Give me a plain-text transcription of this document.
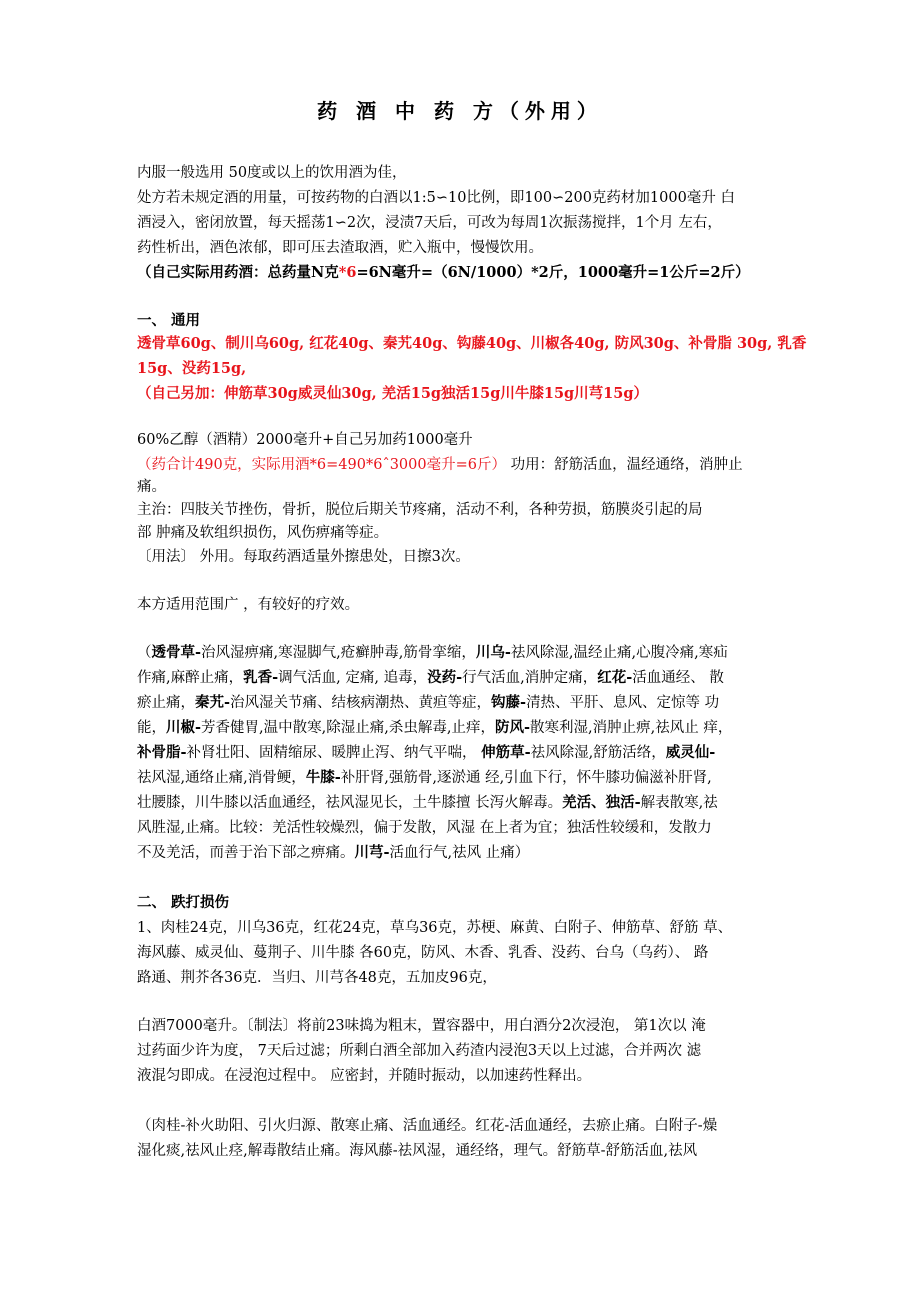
药 酒 中 药 方（外用）
内服一般选用 50度或以上的饮用酒为佳，
处方若未规定酒的用量，可按药物的白酒以1:5∽10比例，即100∽200克药材加1000毫升 白
酒浸入，密闭放置，每天摇荡1∽2次，浸渍7天后，可改为每周1次振荡搅拌，1个月 左右，
药性析出，酒色浓郁，即可压去渣取酒，贮入瓶中，慢慢饮用。
（自己实际用药酒：总药量N克*6=6N毫升=（6N/1000）*2斤，1000毫升=1公斤=2斤）
一、 通用
透骨草60g、制川乌60g, 红花40g、秦艽40g、钩藤40g、川椒各40g, 防风30g、补骨脂 30g, 乳香
15g、没药15g,
（自己另加：伸筋草30g威灵仙30g, 羌活15g独活15g川牛膝15g川芎15g）
60%乙醇（酒精）2000毫升+自己另加药1000毫升
（药合计490克，实际用酒*6=490*6ˆ3000毫升=6斤） 功用：舒筋活血，温经通络，消肿止
痛。
主治：四肢关节挫伤，骨折，脱位后期关节疼痛，活动不利，各种劳损，筋膜炎引起的局
部 肿痛及软组织损伤，风伤痹痛等症。
〔用法〕 外用。每取药酒适量外擦患处，日擦3次。
本方适用范围广 ，有较好的疗效。
（透骨草-治风湿痹痛,寒湿脚气,疮癣肿毒,筋骨挛缩，川乌-祛风除湿,温经止痛,心腹冷痛,寒疝
作痛,麻醉止痛，乳香-调气活血, 定痛, 追毒，没药-行气活血,消肿定痛，红花-活血通经、 散
瘀止痛，秦艽-治风湿关节痛、结核病潮热、黄疸等症，钩藤-清热、平肝、息风、定惊等 功
能，川椒-芳香健胃,温中散寒,除湿止痛,杀虫解毒,止痒，防风-散寒利湿,消肿止痹,祛风止 痒，
补骨脂-补肾壮阳、固精缩尿、暖脾止泻、纳气平喘， 伸筋草-祛风除湿,舒筋活络，威灵仙-
祛风湿,通络止痛,消骨鲠，牛膝-补肝肾,强筋骨,逐淤通 经,引血下行，怀牛膝功偏滋补肝肾,
壮腰膝，川牛膝以活血通经，祛风湿见长，土牛膝擅 长泻火解毒。羌活、独活-解表散寒,祛
风胜湿,止痛。比较：羌活性较燥烈，偏于发散，风湿 在上者为宜；独活性较缓和，发散力
不及羌活，而善于治下部之痹痛。川芎-活血行气,祛风 止痛）
二、 跌打损伤
1、肉桂24克，川乌36克，红花24克，草乌36克，苏梗、麻黄、白附子、伸筋草、舒筋 草、
海风藤、威灵仙、蔓荆子、川牛膝 各60克，防风、木香、乳香、没药、台乌（乌药）、 路
路通、荆芥各36克．当归、川芎各48克，五加皮96克，
白酒7000毫升。〔制法〕将前23味捣为粗末，置容器中，用白酒分2次浸泡， 第1次以 淹
过药面少许为度， 7天后过滤；所剩白酒全部加入药渣内浸泡3天以上过滤，合并两次 滤
液混匀即成。在浸泡过程中。 应密封，并随时振动，以加速药性释出。
（肉桂-补火助阳、引火归源、散寒止痛、活血通经。红花-活血通经，去瘀止痛。白附子-燥
湿化痰,祛风止痉,解毒散结止痛。海风藤-祛风湿，通经络，理气。舒筋草-舒筋活血,祛风
